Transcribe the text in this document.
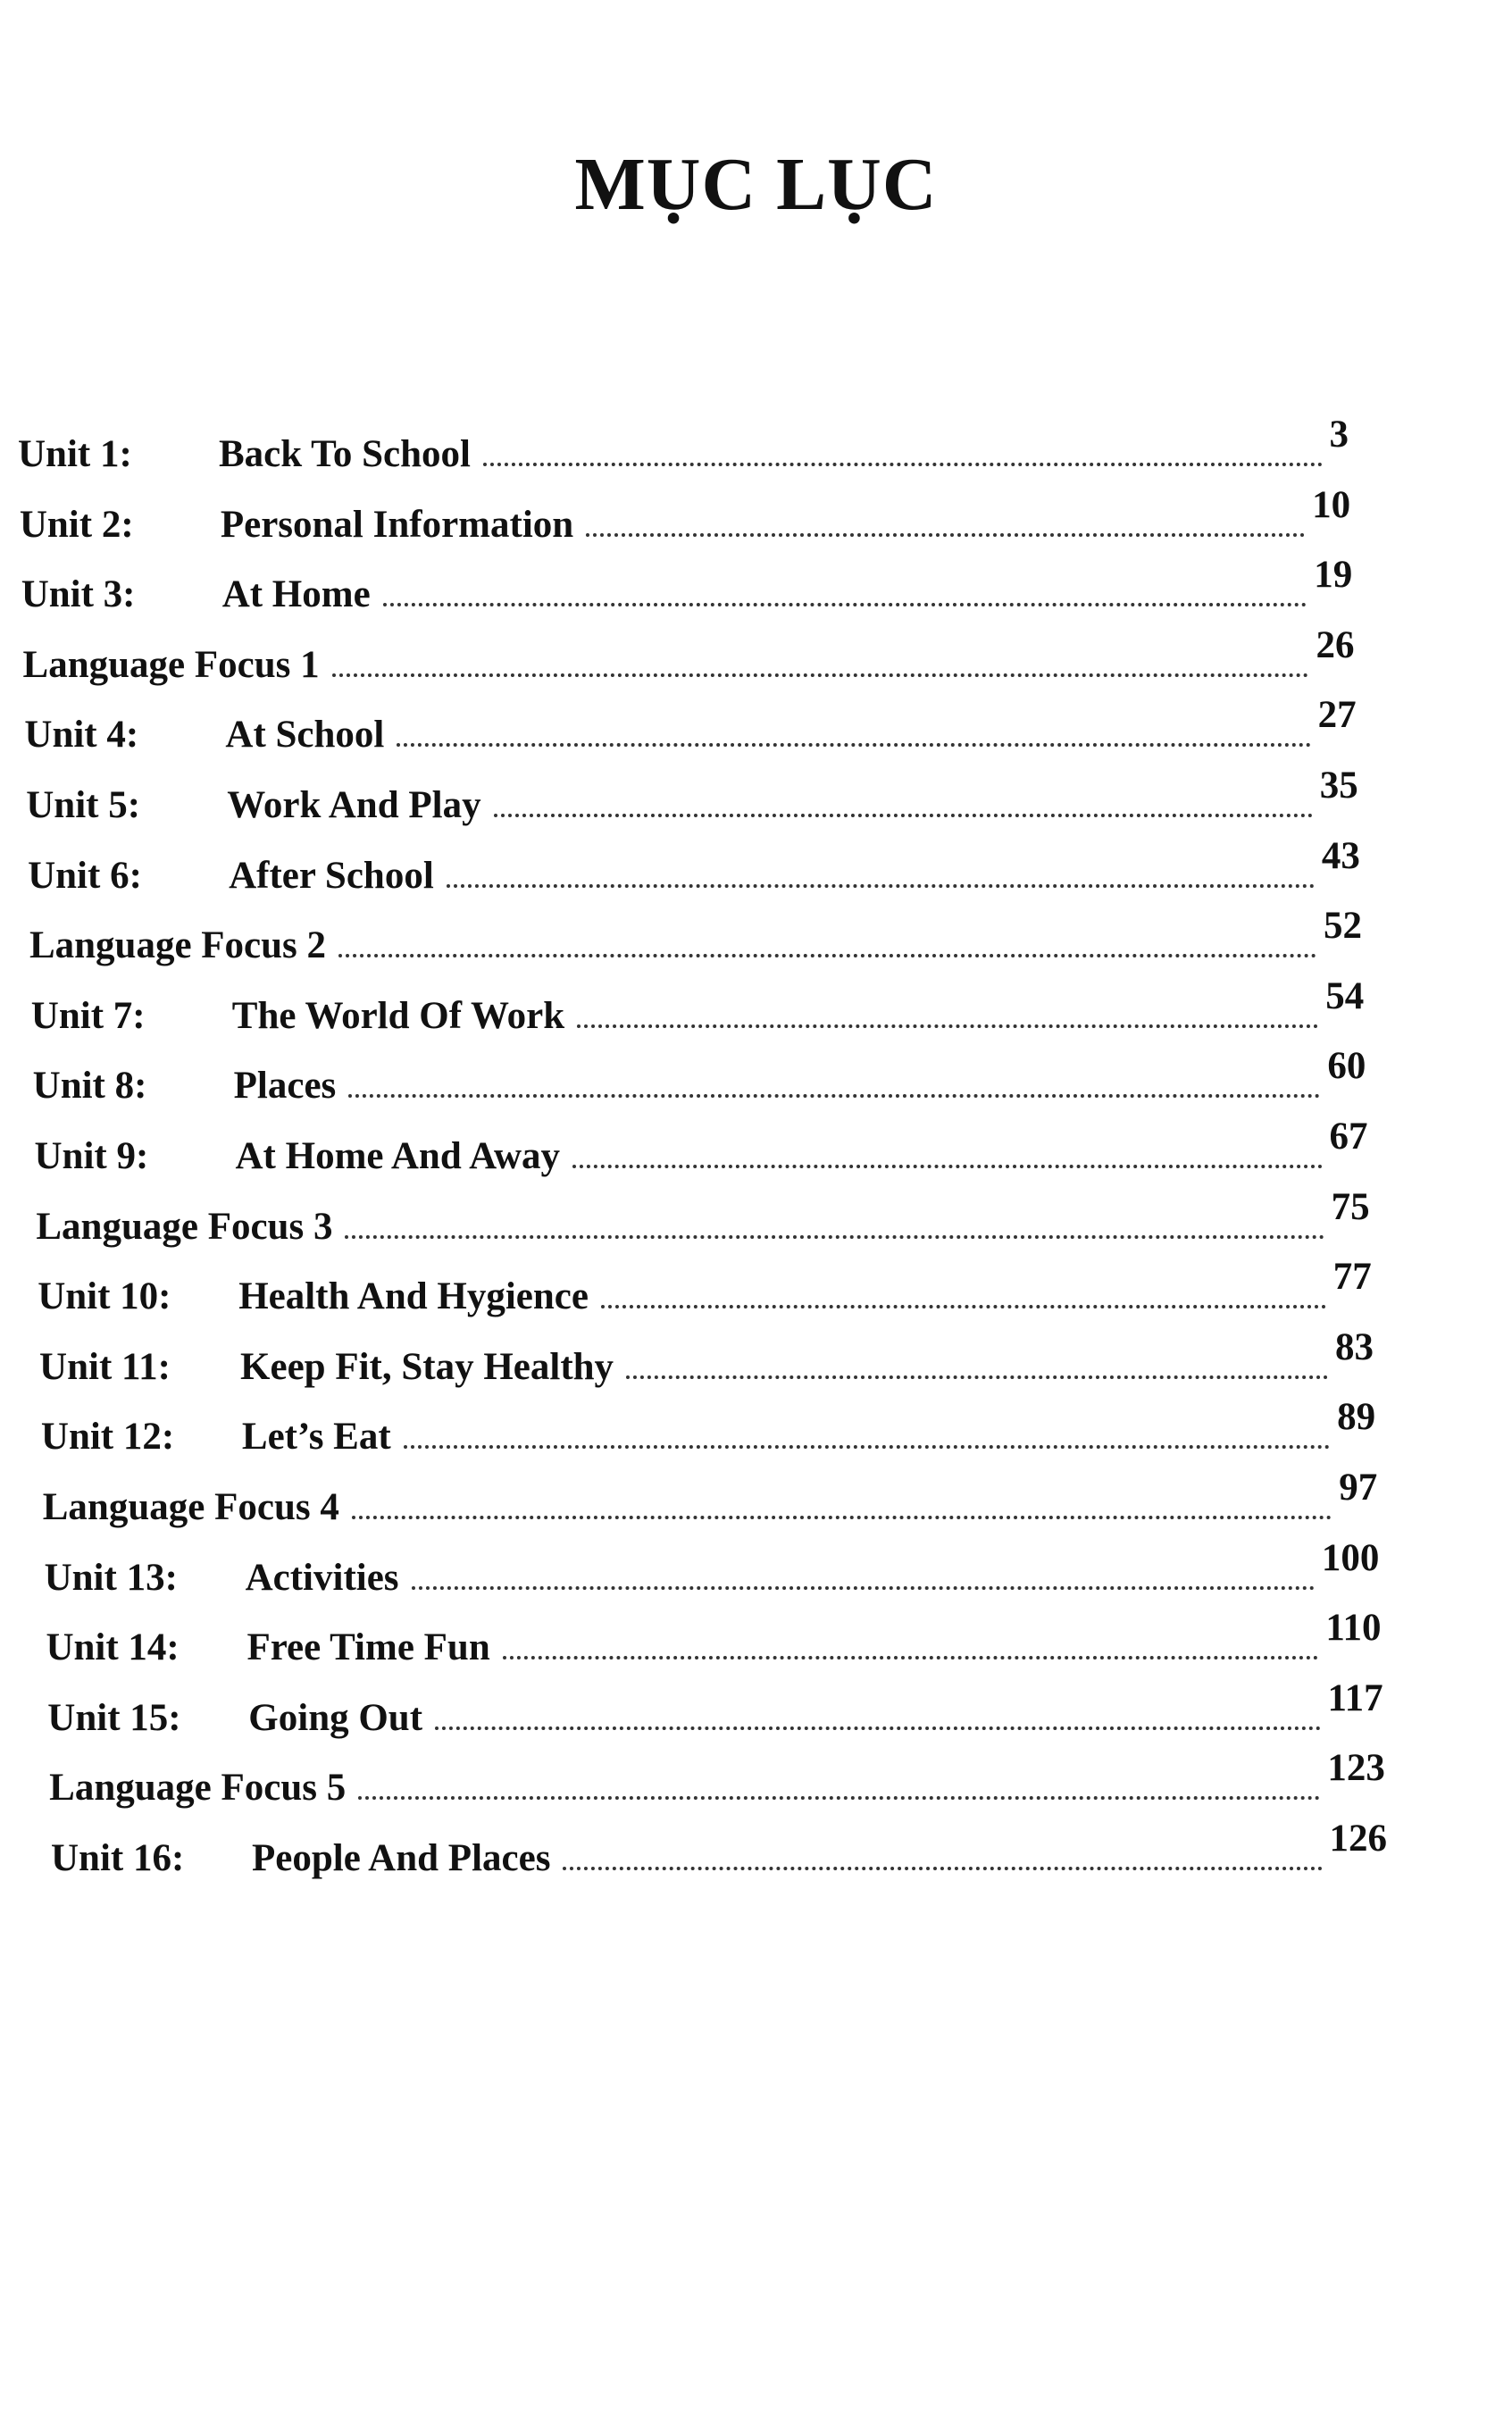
MỤC LỤC
Unit 1:	Back To School	3
Unit 2:	Personal Information	10
Unit 3:	At Home	19
Language Focus 1	26
Unit 4:	At School	27
Unit 5:	Work And Play	35
Unit 6:	After School	43
Language Focus 2	52
Unit 7:	The World Of Work	54
Unit 8:	Places	60
Unit 9:	At Home And Away	67
Language Focus 3	75
Unit 10:	Health And Hygience	77
Unit 11:	Keep Fit, Stay Healthy	83
Unit 12:	Let’s Eat	89
Language Focus 4	97
Unit 13:	Activities	100
Unit 14:	Free Time Fun	110
Unit 15:	Going Out	117
Language Focus 5	123
Unit 16:	People And Places	126
